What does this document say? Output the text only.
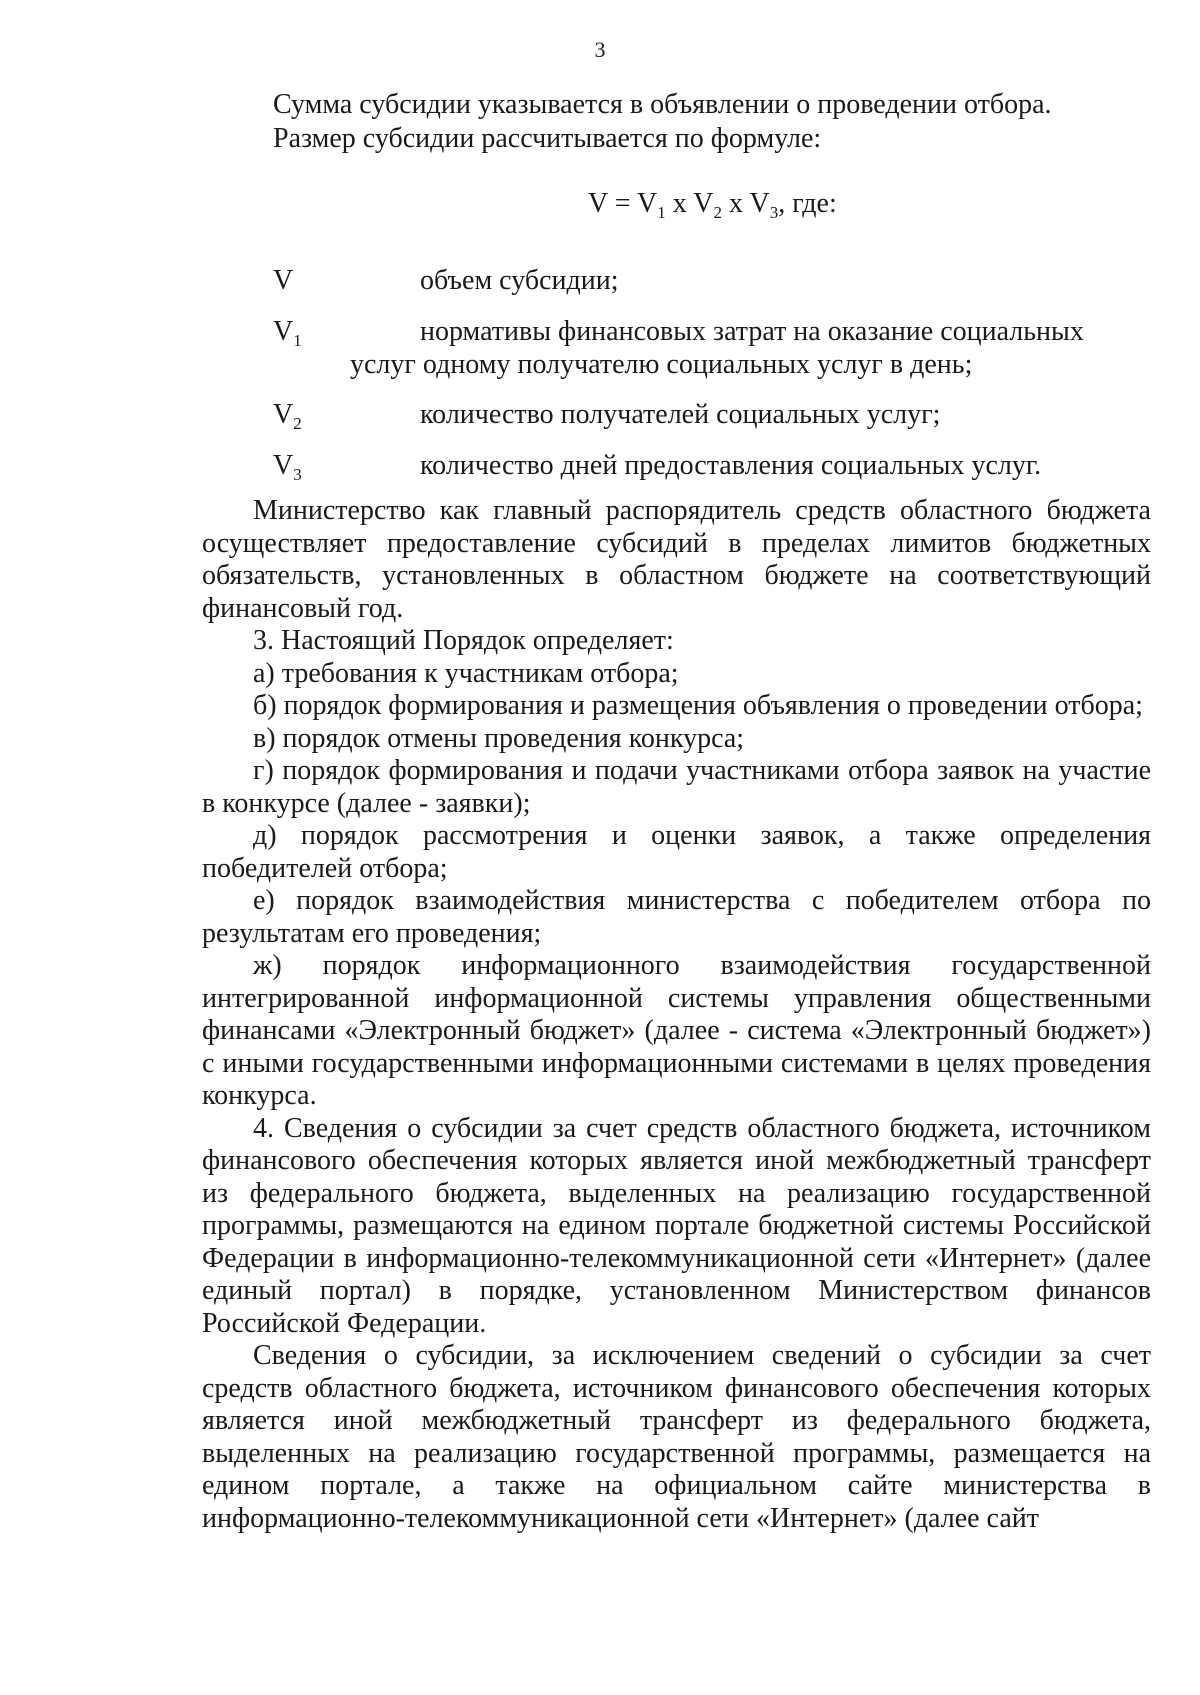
3
Сумма субсидии указывается в объявлении о проведении отбора.
Размер субсидии рассчитывается по формуле:
$V = V_1$ x $V_2$ x $V_3$, где:
V	объем субсидии;
$V_1$	нормативы финансовых затрат на оказание социальных
услуг одному получателю социальных услуг в день;
$V_2$	количество получателей социальных услуг;
$V_3$	количество дней предоставления социальных услуг.

Министерство как главный распорядитель средств областного бюджета осуществляет предоставление субсидий в пределах лимитов бюджетных обязательств, установленных в областном бюджете на соответствующий финансовый год.

3. Настоящий Порядок определяет:

а) требования к участникам отбора;

б) порядок формирования и размещения объявления о проведении отбора;

в) порядок отмены проведения конкурса;

г) порядок формирования и подачи участниками отбора заявок на участие в конкурсе (далее - заявки);

д) порядок рассмотрения и оценки заявок, а также определения победителей отбора;

е) порядок взаимодействия министерства с победителем отбора по результатам его проведения;

ж) порядок информационного взаимодействия государственной интегрированной информационной системы управления общественными финансами «Электронный бюджет» (далее - система «Электронный бюджет») с иными государственными информационными системами в целях проведения конкурса.

4. Сведения о субсидии за счет средств областного бюджета, источником финансового обеспечения которых является иной межбюджетный трансферт из федерального бюджета, выделенных на реализацию государственной программы, размещаются на едином портале бюджетной системы Российской Федерации в информационно-телекоммуникационной сети «Интернет» (далее единый портал) в порядке, установленном Министерством финансов Российской Федерации.

Сведения о субсидии, за исключением сведений о субсидии за счет средств областного бюджета, источником финансового обеспечения которых является иной межбюджетный трансферт из федерального бюджета, выделенных на реализацию государственной программы, размещается на едином портале, а также на официальном сайте министерства в информационно-телекоммуникационной сети «Интернет» (далее сайт
